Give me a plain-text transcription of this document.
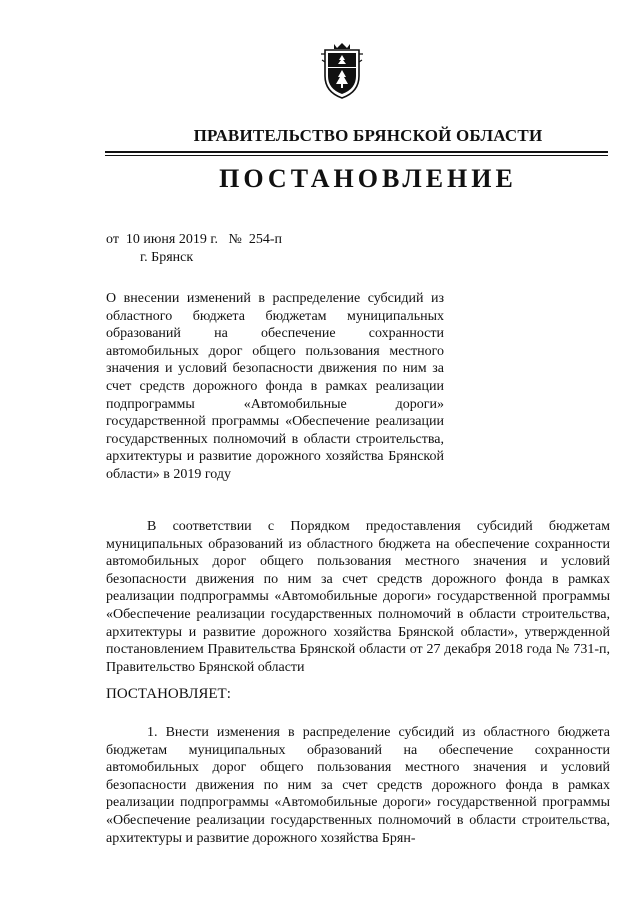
ПРАВИТЕЛЬСТВО БРЯНСКОЙ ОБЛАСТИ
ПОСТАНОВЛЕНИЕ
от  10 июня 2019 г.   №  254-п
г. Брянск
О внесении изменений в распределение субсидий из областного бюджета бюджетам муниципальных образований на обеспечение сохранности автомобильных дорог общего пользования местного значения и условий безопасности движения по ним за счет средств дорожного фонда в рамках реализации подпрограммы «Автомобильные дороги» государственной программы «Обеспечение реализации государственных полномочий в области строительства, архитектуры и развитие дорожного хозяйства Брянской области» в 2019 году
В соответствии с Порядком предоставления субсидий бюджетам муниципальных образований из областного бюджета на обеспечение сохранности автомобильных дорог общего пользования местного значения и условий безопасности движения по ним за счет средств дорожного фонда в рамках реализации подпрограммы «Автомобильные дороги» государственной программы «Обеспечение реализации государственных полномочий в области строительства, архитектуры и развитие дорожного хозяйства Брянской области», утвержденной постановлением Правительства Брянской области от 27 декабря 2018 года № 731-п, Правительство Брянской области
ПОСТАНОВЛЯЕТ:
1. Внести изменения в распределение субсидий из областного бюджета бюджетам муниципальных образований на обеспечение сохранности автомобильных дорог общего пользования местного значения и условий безопасности движения по ним за счет средств дорожного фонда в рамках реализации подпрограммы «Автомобильные дороги» государственной программы «Обеспечение реализации государственных полномочий в области строительства, архитектуры и развитие дорожного хозяйства Брян-
